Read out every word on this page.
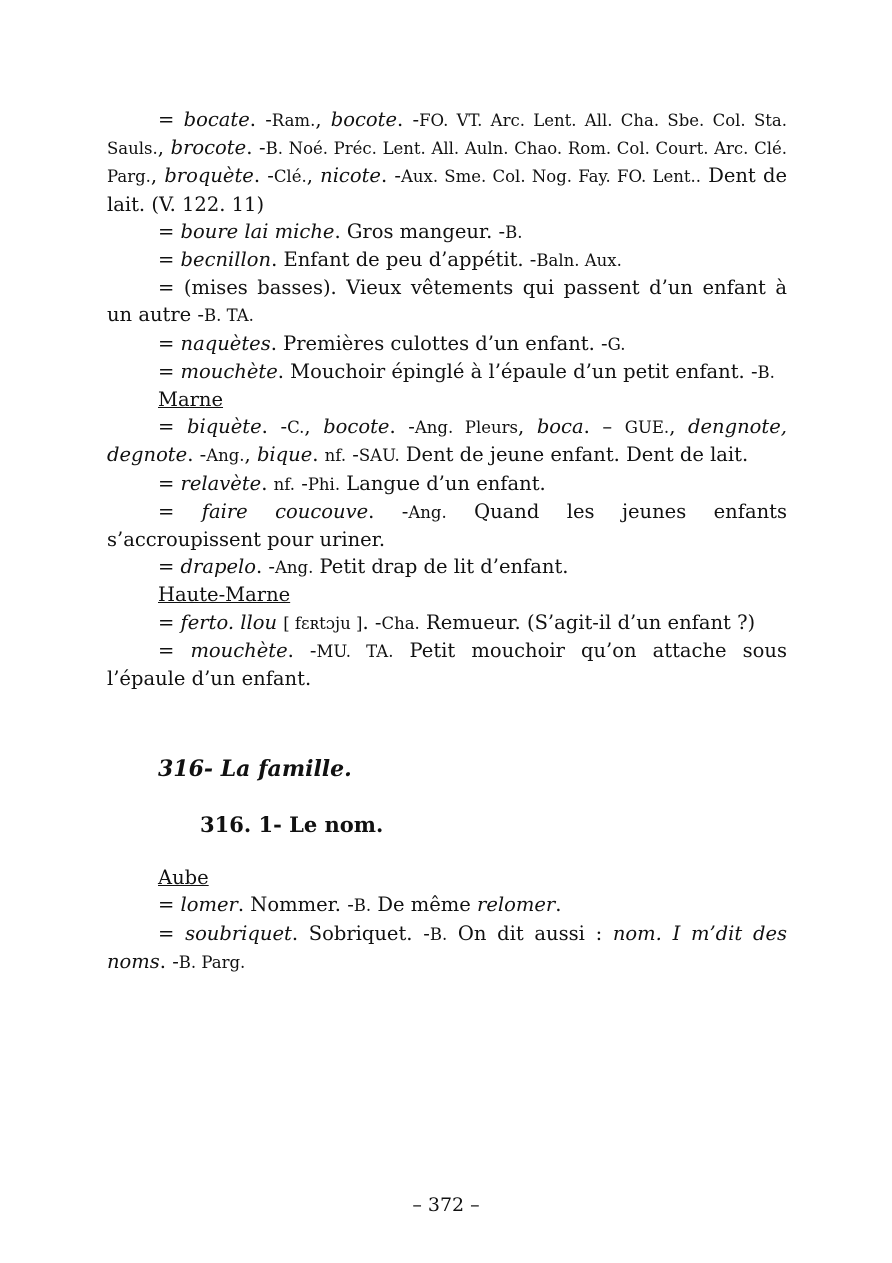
= bocate. -Ram., bocote. -FO. VT. Arc. Lent. All. Cha. Sbe. Col. Sta. Sauls., brocote. -B. Noé. Préc. Lent. All. Auln. Chao. Rom. Col. Court. Arc. Clé. Parg., broquète. -Clé., nicote. -Aux. Sme. Col. Nog. Fay. FO. Lent.. Dent de lait. (V. 122. 11)

= boure lai miche. Gros mangeur. -B.

= becnillon. Enfant de peu d’appétit. -Baln. Aux.

= (mises basses). Vieux vêtements qui passent d’un enfant à un autre -B. TA.

= naquètes. Premières culottes d’un enfant. -G.

= mouchète. Mouchoir épinglé à l’épaule d’un petit enfant. -B.

Marne

= biquète. -C., bocote. -Ang. Pleurs, boca. – GUE., dengnote, degnote. -Ang., bique. nf. -SAU. Dent de jeune enfant. Dent de lait.

= relavète. nf. -Phi. Langue d’un enfant.

= faire coucouve. -Ang. Quand les jeunes enfants s’accroupissent pour uriner.

= drapelo. -Ang. Petit drap de lit d’enfant.

Haute-Marne

= ferto. llou [ fɛʀtɔju ]. -Cha. Remueur. (S’agit-il d’un enfant ?)

= mouchète. -MU. TA. Petit mouchoir qu’on attache sous l’épaule d’un enfant.

316- La famille.
316. 1- Le nom.
Aube

= lomer. Nommer. -B. De même relomer.

= soubriquet. Sobriquet. -B. On dit aussi : nom. I m’dit des noms. -B. Parg.

– 372 –
